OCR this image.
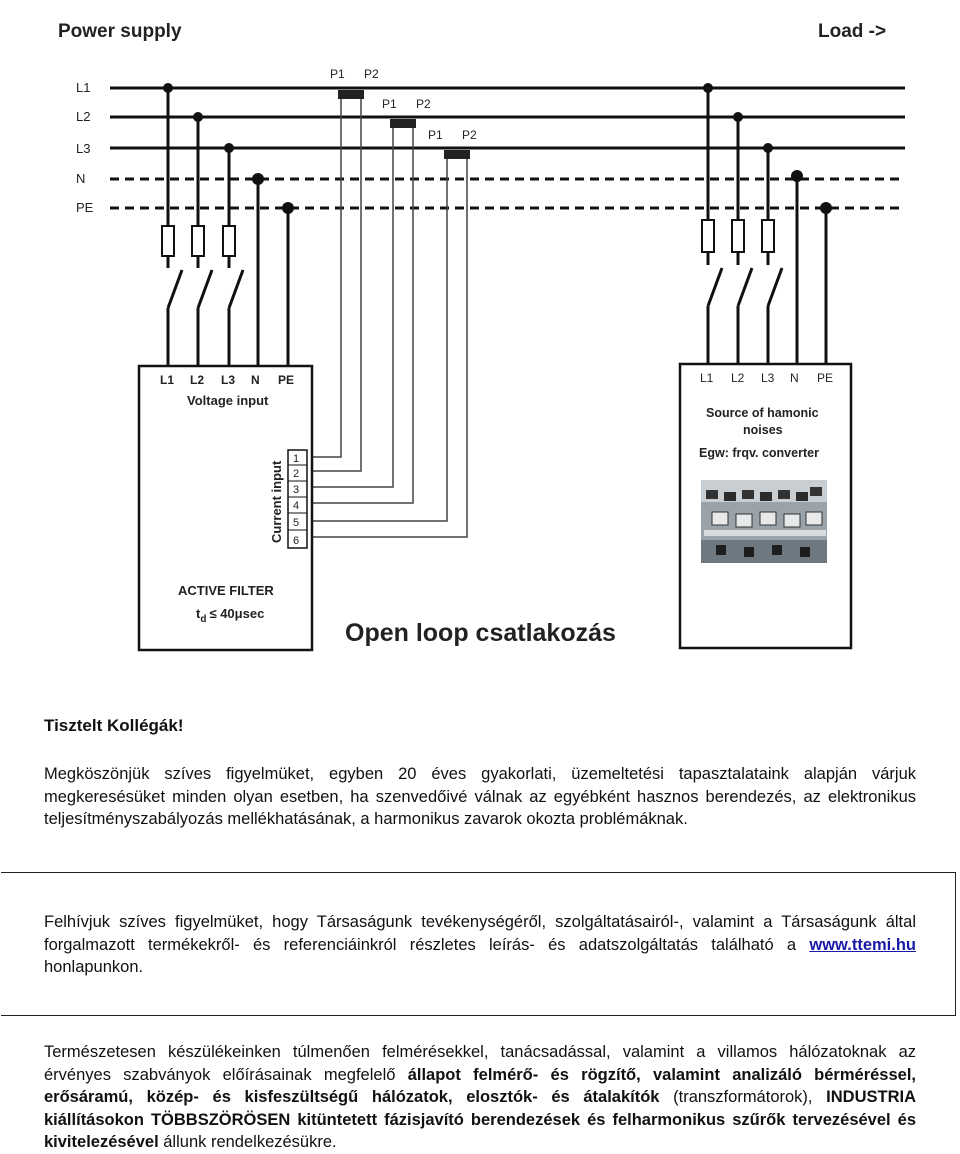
Power supply	Load ->
L1
L2
L3
N
PE
P1 P2
P1 P2
P1 P2
L1 L2 L3 N PE
Voltage input
Current input
1
2
3
4
5
6
ACTIVE FILTER
$t_d \le 40\mu\sec$
L1 L2 L3 N PE
Source of hamonic
noises
Egw: frqv. converter
Open loop csatlakozás
Tisztelt Kollégák!
Megköszönjük szíves figyelmüket, egyben 20 éves gyakorlati, üzemeltetési tapasztalataink alapján várjuk megkeresésüket minden olyan esetben, ha szenvedőivé válnak az egyébként hasznos berendezés, az elektronikus teljesítményszabályozás mellékhatásának, a harmonikus zavarok okozta problémáknak.
Felhívjuk szíves figyelmüket, hogy Társaságunk tevékenységéről, szolgáltatásairól-, valamint a Társaságunk által forgalmazott termékekről- és referenciáinkról részletes leírás- és adatszolgáltatás található a www.ttemi.hu honlapunkon.
Természetesen készülékeinken túlmenően felmérésekkel, tanácsadással, valamint a villamos hálózatoknak az érvényes szabványok előírásainak megfelelő állapot felmérő- és rögzítő, valamint analizáló bérméréssel, erősáramú, közép- és kisfeszültségű hálózatok, elosztók- és átalakítók (transzformátorok), INDUSTRIA kiállításokon TÖBBSZÖRÖSEN kitüntetett fázisjavító berendezések és felharmonikus szűrők tervezésével és kivitelezésével állunk rendelkezésükre.
